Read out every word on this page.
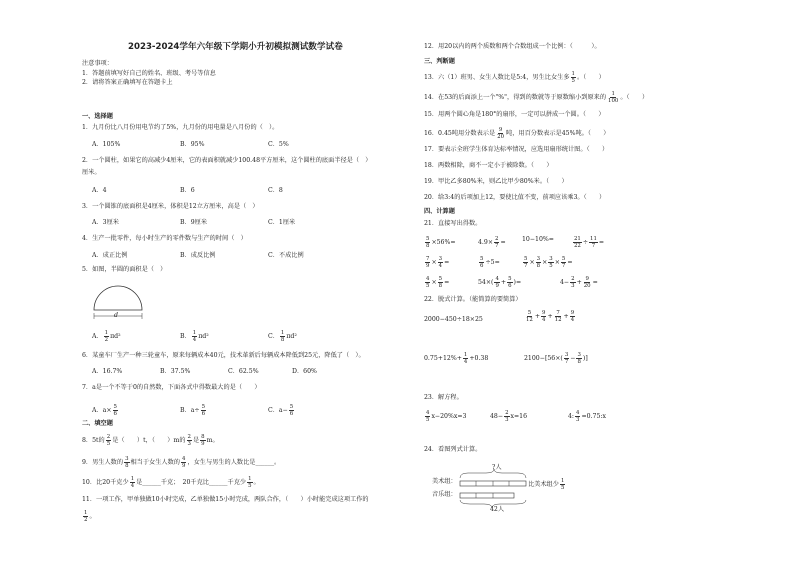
2023-2024学年六年级下学期小升初模拟测试数学试卷
注意事项：
1．答题前填写好自己的姓名、班级、考号等信息
2．请将答案正确填写在答题卡上
一、选择题
1．九月份比八月份用电节约了5%，九月份的用电量是八月份的（　）。
A．105%	B．95%	C．5%
2．一个圆柱，如果它的高减少4厘米，它的表面积就减少100.48平方厘米，这个圆柱的底面半径是（　）
厘米。
A．4	B．6	C．8
3．一个圆锥的底面积是4厘米，体积是12立方厘米，高是（　）
A．3厘米	B．9厘米	C．1厘米
4．生产一批零件，每小时生产的零件数与生产的时间（　）
A．成正比例	B．成反比例	C．不成比例
5．如图，半圆的面积是（　）
d
A． $\frac{1}{2} \pi d^2$	B． $\frac{1}{4} \pi d^2$	C． $\frac{1}{8} \pi d^2$
6．某童车厂生产一种三轮童车，原来每辆成本40元，技术革新后每辆成本降低到25元，降低了（　）。
A．16.7%	B．37.5%	C．62.5%	D．60%
7．a是一个不等于0的自然数，下面各式中得数最大的是（　　）
A．$a\times \frac{5}{6}$	B．$a\div \frac{5}{6}$	C．$a- \frac{5}{6}$
二、填空题
8．5t的 $\frac{2}{5}$ 是（　　）t，（　　）m的 $\frac{2}{3}$ 是 $\frac{8}{9}$ m。
9．男生人数的 $\frac{3}{8}$ 相当于女生人数的 $\frac{4}{9}$ ，女生与男生的人数比是______。
10．比20千克少 $\frac{1}{4}$ 是______千克；　20千克比______千克少 $\frac{1}{5}$ 。
11．一项工作，甲单独做10小时完成，乙单独做15小时完成，两队合作，（　　）小时能完成这项工作的
$\frac{1}{2}$ 。
12．用20以内的两个质数和两个合数组成一个比例：（　　　）。
三、判断题
13．六（1）班男、女生人数比是5:4，男生比女生多 $\frac{1}{5}$ 。（　　）
14．在53的后面添上一个"%"，得到的数就等于原数缩小到原来的 $\frac{1}{100}$ 。（　　）
15．用两个圆心角是180°的扇形，一定可以拼成一个圆。（　　）
16．0.45吨用分数表示是 $\frac{9}{20}$ 吨，用百分数表示是45%吨。（　　）
17．要表示全班学生体育达标率情况，应选用扇形统计图。（　　）
18．两数相除，商不一定小于被除数。（　　）
19．甲比乙多80%米，则乙比甲少80%米。（　　）
20．给3:4的后项加上12，要使比值不变，前项应该乘3。（　　）
四、计算题
21．直接写出得数。
$\frac{5}{8} \times 56\%=$	$4.9\times \frac{2}{7}$ =	10−10%=	$\frac{21}{22} \div \frac{11}{7}$ =
$\frac{7}{9} \times \frac{3}{4}$ =	$\frac{5}{6} \div 5=$	$\frac{5}{7} \times \frac{3}{8} \times \frac{3}{5} \times \frac{5}{7}$ =
$\frac{4}{5} \times \frac{5}{8}$ =	$54\times( \frac{4}{9} + \frac{5}{6}$ )=	$4- \frac{2}{3} + \frac{9}{20}$ =
22．脱式计算。（能简算的要简算）
2000−450÷18×25	$\frac{5}{12} + \frac{9}{4} + \frac{7}{12} + \frac{9}{4}$
$0.75+12\%+ \frac{1}{4} +0.38$	$2100-[56\times( \frac{3}{7} - \frac{3}{8}$ )]
23．解方程。
$\frac{4}{5} x-20\%x=3$	$48- \frac{2}{3} x=16$	4: $\frac{4}{3}$ =0.75:x
24．看图列式计算。
?人
美术组：
音乐组：
比美术组少 $\frac{1}{5}$
42人
